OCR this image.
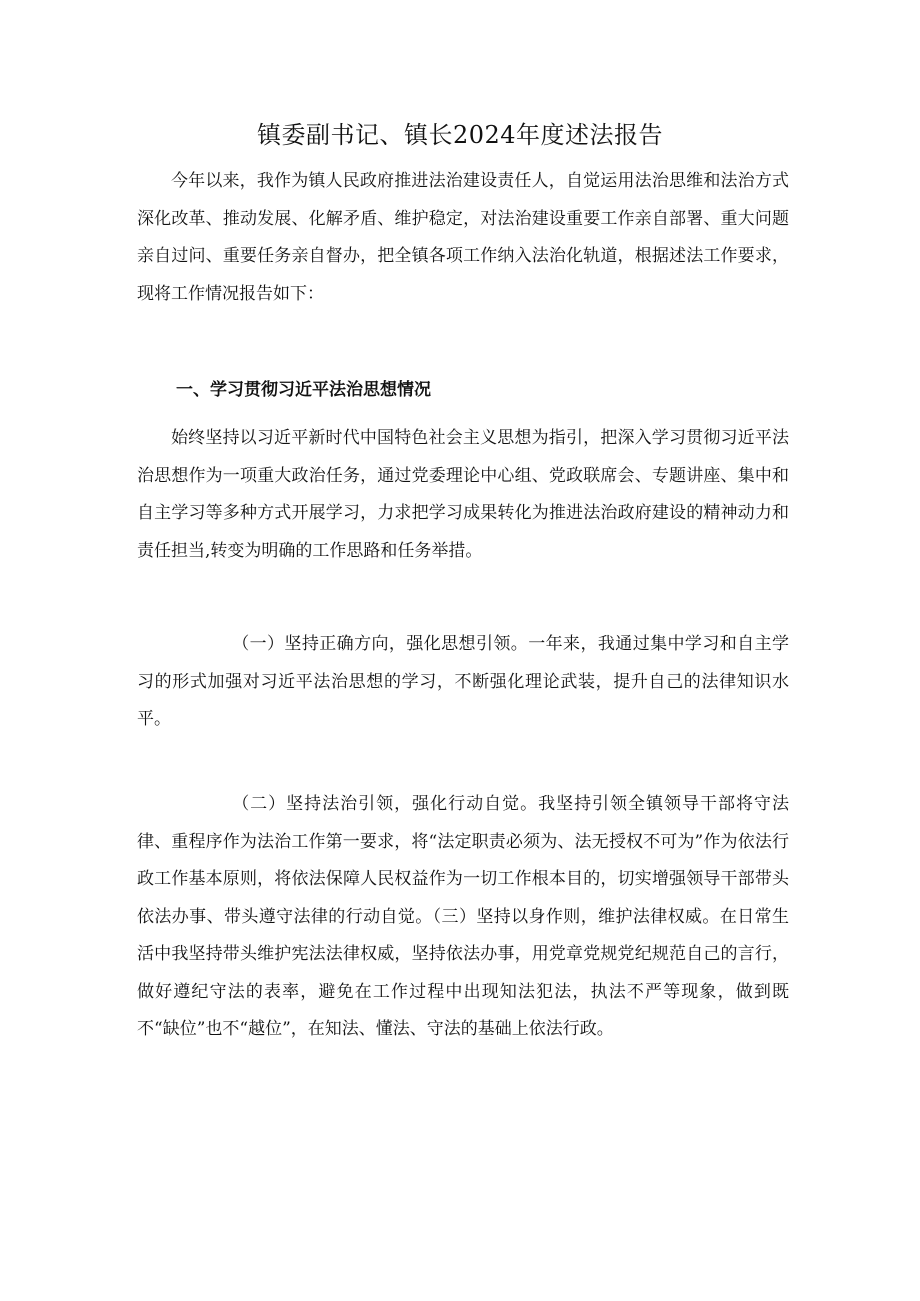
镇委副书记、镇长2024年度述法报告

今年以来，我作为镇人民政府推进法治建设责任人，自觉运用法治思维和法治方式深化改革、推动发展、化解矛盾、维护稳定，对法治建设重要工作亲自部署、重大问题亲自过问、重要任务亲自督办，把全镇各项工作纳入法治化轨道，根据述法工作要求，现将工作情况报告如下：

一、学习贯彻习近平法治思想情况

始终坚持以习近平新时代中国特色社会主义思想为指引，把深入学习贯彻习近平法治思想作为一项重大政治任务，通过党委理论中心组、党政联席会、专题讲座、集中和自主学习等多种方式开展学习，力求把学习成果转化为推进法治政府建设的精神动力和责任担当,转变为明确的工作思路和任务举措。

（一）坚持正确方向，强化思想引领。一年来，我通过集中学习和自主学习的形式加强对习近平法治思想的学习，不断强化理论武装，提升自己的法律知识水平。

（二）坚持法治引领，强化行动自觉。我坚持引领全镇领导干部将守法律、重程序作为法治工作第一要求，将“法定职责必须为、法无授权不可为”作为依法行政工作基本原则，将依法保障人民权益作为一切工作根本目的，切实增强领导干部带头依法办事、带头遵守法律的行动自觉。（三）坚持以身作则，维护法律权威。在日常生活中我坚持带头维护宪法法律权威，坚持依法办事，用党章党规党纪规范自己的言行，做好遵纪守法的表率，避免在工作过程中出现知法犯法，执法不严等现象，做到既不“缺位”也不“越位”，在知法、懂法、守法的基础上依法行政。
